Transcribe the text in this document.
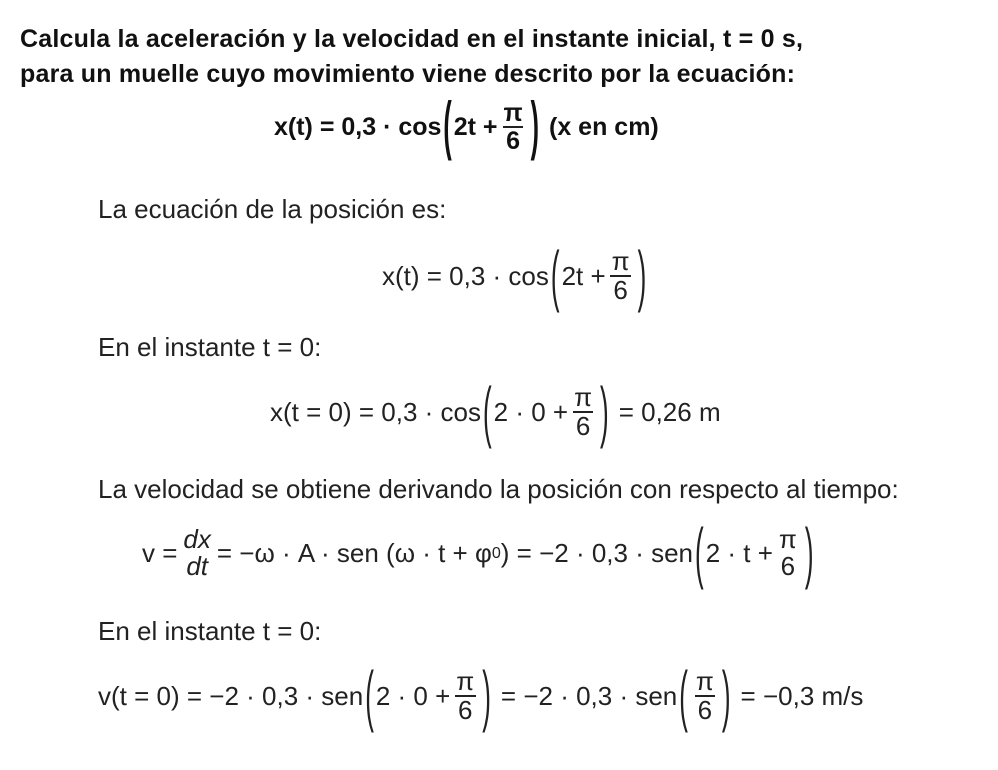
Calcula la aceleración y la velocidad en el instante inicial, t = 0 s,
para un muelle cuyo movimiento viene descrito por la ecuación:
x(t) = 0,3 · cos ( $2t + \frac{\pi}{6}$ ) (x en cm)
La ecuación de la posición es:
x(t) = 0,3 · cos ( $2t + \frac{\pi}{6}$ )
En el instante t = 0:
x(t = 0) = 0,3 · cos ( $2 \cdot 0 + \frac{\pi}{6}$ ) = 0,26 m
La velocidad se obtiene derivando la posición con respecto al tiempo:
v = dx
dt = −ω · A · sen (ω · t + φ 0 ) = −2 · 0,3 · sen ( 2 · t + π
6 )
En el instante t = 0:
v(t = 0) = −2 · 0,3 · sen ( $2 \cdot 0 + \frac{\pi}{6}$ ) = −2 · 0,3 · sen ( $\frac{\pi}{6}$ ) = −0,3 m/s
